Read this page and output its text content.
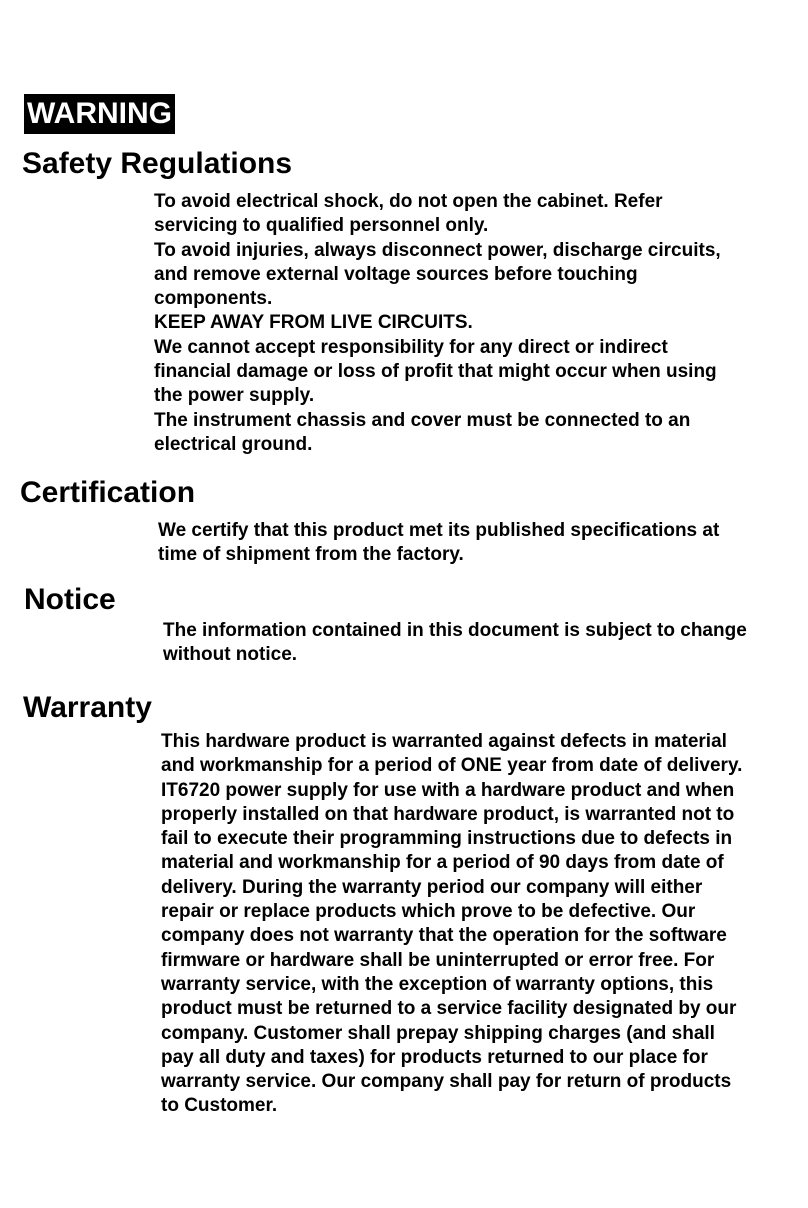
WARNING
Safety Regulations
To avoid electrical shock, do not open the cabinet. Refer
servicing to qualified personnel only.
To avoid injuries, always disconnect power, discharge circuits,
and remove external voltage sources before touching
components.
KEEP AWAY FROM LIVE CIRCUITS.
We cannot accept responsibility for any direct or indirect
financial damage or loss of profit that might occur when using
the power supply.
The instrument chassis and cover must be connected to an
electrical ground.
Certification
We certify that this product met its published specifications at
time of shipment from the factory.
Notice
The information contained in this document is subject to change
without notice.
Warranty
This hardware product is warranted against defects in material
and workmanship for a period of ONE year from date of delivery.
IT6720 power supply for use with a hardware product and when
properly installed on that hardware product, is warranted not to
fail to execute their programming instructions due to defects in
material and workmanship for a period of 90 days from date of
delivery. During the warranty period our company will either
repair or replace products which prove to be defective. Our
company does not warranty that the operation for the software
firmware or hardware shall be uninterrupted or error free. For
warranty service, with the exception of warranty options, this
product must be returned to a service facility designated by our
company. Customer shall prepay shipping charges (and shall
pay all duty and taxes) for products returned to our place for
warranty service. Our company shall pay for return of products
to Customer.
